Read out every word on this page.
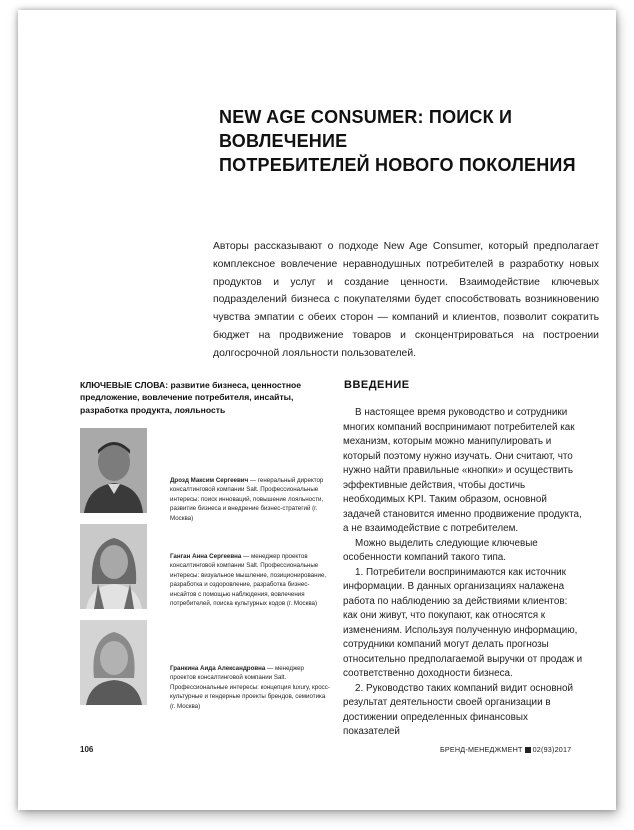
NEW AGE CONSUMER: ПОИСК И ВОВЛЕЧЕНИЕ
ПОТРЕБИТЕЛЕЙ НОВОГО ПОКОЛЕНИЯ
Авторы рассказывают о подходе New Age Consumer, который предполагает комплексное вовлечение неравнодушных потребителей в разработку новых продуктов и услуг и создание ценности. Взаимодействие ключевых подразделений бизнеса с покупателями будет способствовать возникновению чувства эмпатии с обеих сторон — компаний и клиентов, позволит сократить бюджет на продвижение товаров и сконцентрироваться на построении долгосрочной лояльности пользователей.
КЛЮЧЕВЫЕ СЛОВА: развитие бизнеса, ценностное предложение, вовлечение потребителя, инсайты, разработка продукта, лояльность
Дрозд Максим Сергеевич — генеральный директор консалтинговой компании Salt. Профессиональные интересы: поиск инноваций, повышение лояльности, развитие бизнеса и внедрение бизнес-стратегий (г. Москва)
Ганган Анна Сергеевна — менеджер проектов консалтинговой компании Salt. Профессиональные интересы: визуальное мышление, позиционирование, разработка и оздоровление, разработка бизнес-инсайтов с помощью наблюдения, вовлечения потребителей, поиска культурных кодов (г. Москва)
Гранкина Аида Александровна — менеджер проектов консалтинговой компании Salt. Профессиональные интересы: концепция luxury, кросс-культурные и гендерные проекты брендов, семиотика (г. Москва)
ВВЕДЕНИЕ

В настоящее время руководство и сотрудники многих компаний воспринимают потребителей как механизм, которым можно манипулировать и который поэтому нужно изучать. Они считают, что нужно найти правильные «кнопки» и осуществить эффективные действия, чтобы достичь необходимых KPI. Таким образом, основной задачей становится именно продвижение продукта, а не взаимодействие с потребителем.

Можно выделить следующие ключевые особенности компаний такого типа.

1. Потребители воспринимаются как источник информации. В данных организациях налажена работа по наблюдению за действиями клиентов: как они живут, что покупают, как относятся к изменениям. Используя полученную информацию, сотрудники компаний могут делать прогнозы относительно предполагаемой выручки от продаж и соответственно доходности бизнеса.

2. Руководство таких компаний видит основной результат деятельности своей организации в достижении определенных финансовых показателей

106	БРЕНД-МЕНЕДЖМЕНТ 02(93)2017
